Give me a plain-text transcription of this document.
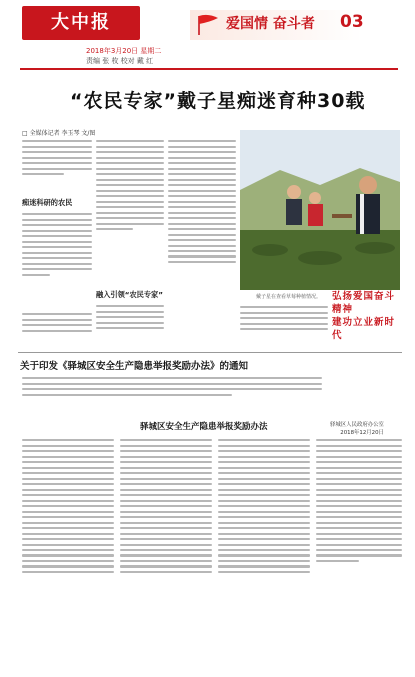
大中报
2018年3月20日 星期二
责编 张 枚 校对 戴 红
爱国情 奋斗者 03
“农民专家”戴子星痴迷育种30载
□ 全媒体记者 李玉琴 文/图
痴迷科研的农民
融入引领“农民专家”	戴子星在查看草莓种植情况。 弘扬爱国奋斗精神
建功立业新时代
关于印发《驿城区安全生产隐患举报奖励办法》的通知
驿城区人民政府办公室
2018年12月20日
驿城区安全生产隐患举报奖励办法
